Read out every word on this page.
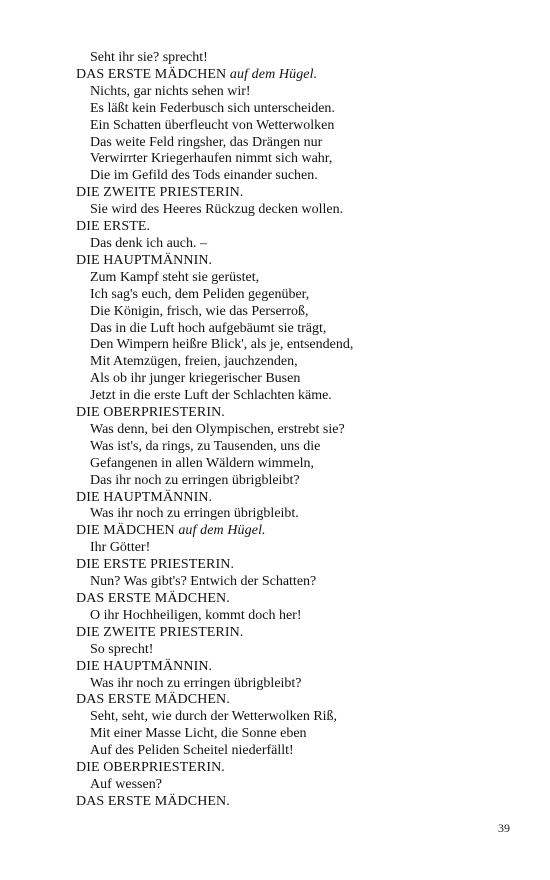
Seht ihr sie? sprecht!
DAS ERSTE MÄDCHEN auf dem Hügel.
Nichts, gar nichts sehen wir!
Es läßt kein Federbusch sich unterscheiden.
Ein Schatten überfleucht von Wetterwolken
Das weite Feld ringsher, das Drängen nur
Verwirrter Kriegerhaufen nimmt sich wahr,
Die im Gefild des Tods einander suchen.
DIE ZWEITE PRIESTERIN.
Sie wird des Heeres Rückzug decken wollen.
DIE ERSTE.
Das denk ich auch. –
DIE HAUPTMÄNNIN.
Zum Kampf steht sie gerüstet,
Ich sag's euch, dem Peliden gegenüber,
Die Königin, frisch, wie das Perserroß,
Das in die Luft hoch aufgebäumt sie trägt,
Den Wimpern heißre Blick', als je, entsendend,
Mit Atemzügen, freien, jauchzenden,
Als ob ihr junger kriegerischer Busen
Jetzt in die erste Luft der Schlachten käme.
DIE OBERPRIESTERIN.
Was denn, bei den Olympischen, erstrebt sie?
Was ist's, da rings, zu Tausenden, uns die
Gefangenen in allen Wäldern wimmeln,
Das ihr noch zu erringen übrigbleibt?
DIE HAUPTMÄNNIN.
Was ihr noch zu erringen übrigbleibt.
DIE MÄDCHEN auf dem Hügel.
Ihr Götter!
DIE ERSTE PRIESTERIN.
Nun? Was gibt's? Entwich der Schatten?
DAS ERSTE MÄDCHEN.
O ihr Hochheiligen, kommt doch her!
DIE ZWEITE PRIESTERIN.
So sprecht!
DIE HAUPTMÄNNIN.
Was ihr noch zu erringen übrigbleibt?
DAS ERSTE MÄDCHEN.
Seht, seht, wie durch der Wetterwolken Riß,
Mit einer Masse Licht, die Sonne eben
Auf des Peliden Scheitel niederfällt!
DIE OBERPRIESTERIN.
Auf wessen?
DAS ERSTE MÄDCHEN.
39
